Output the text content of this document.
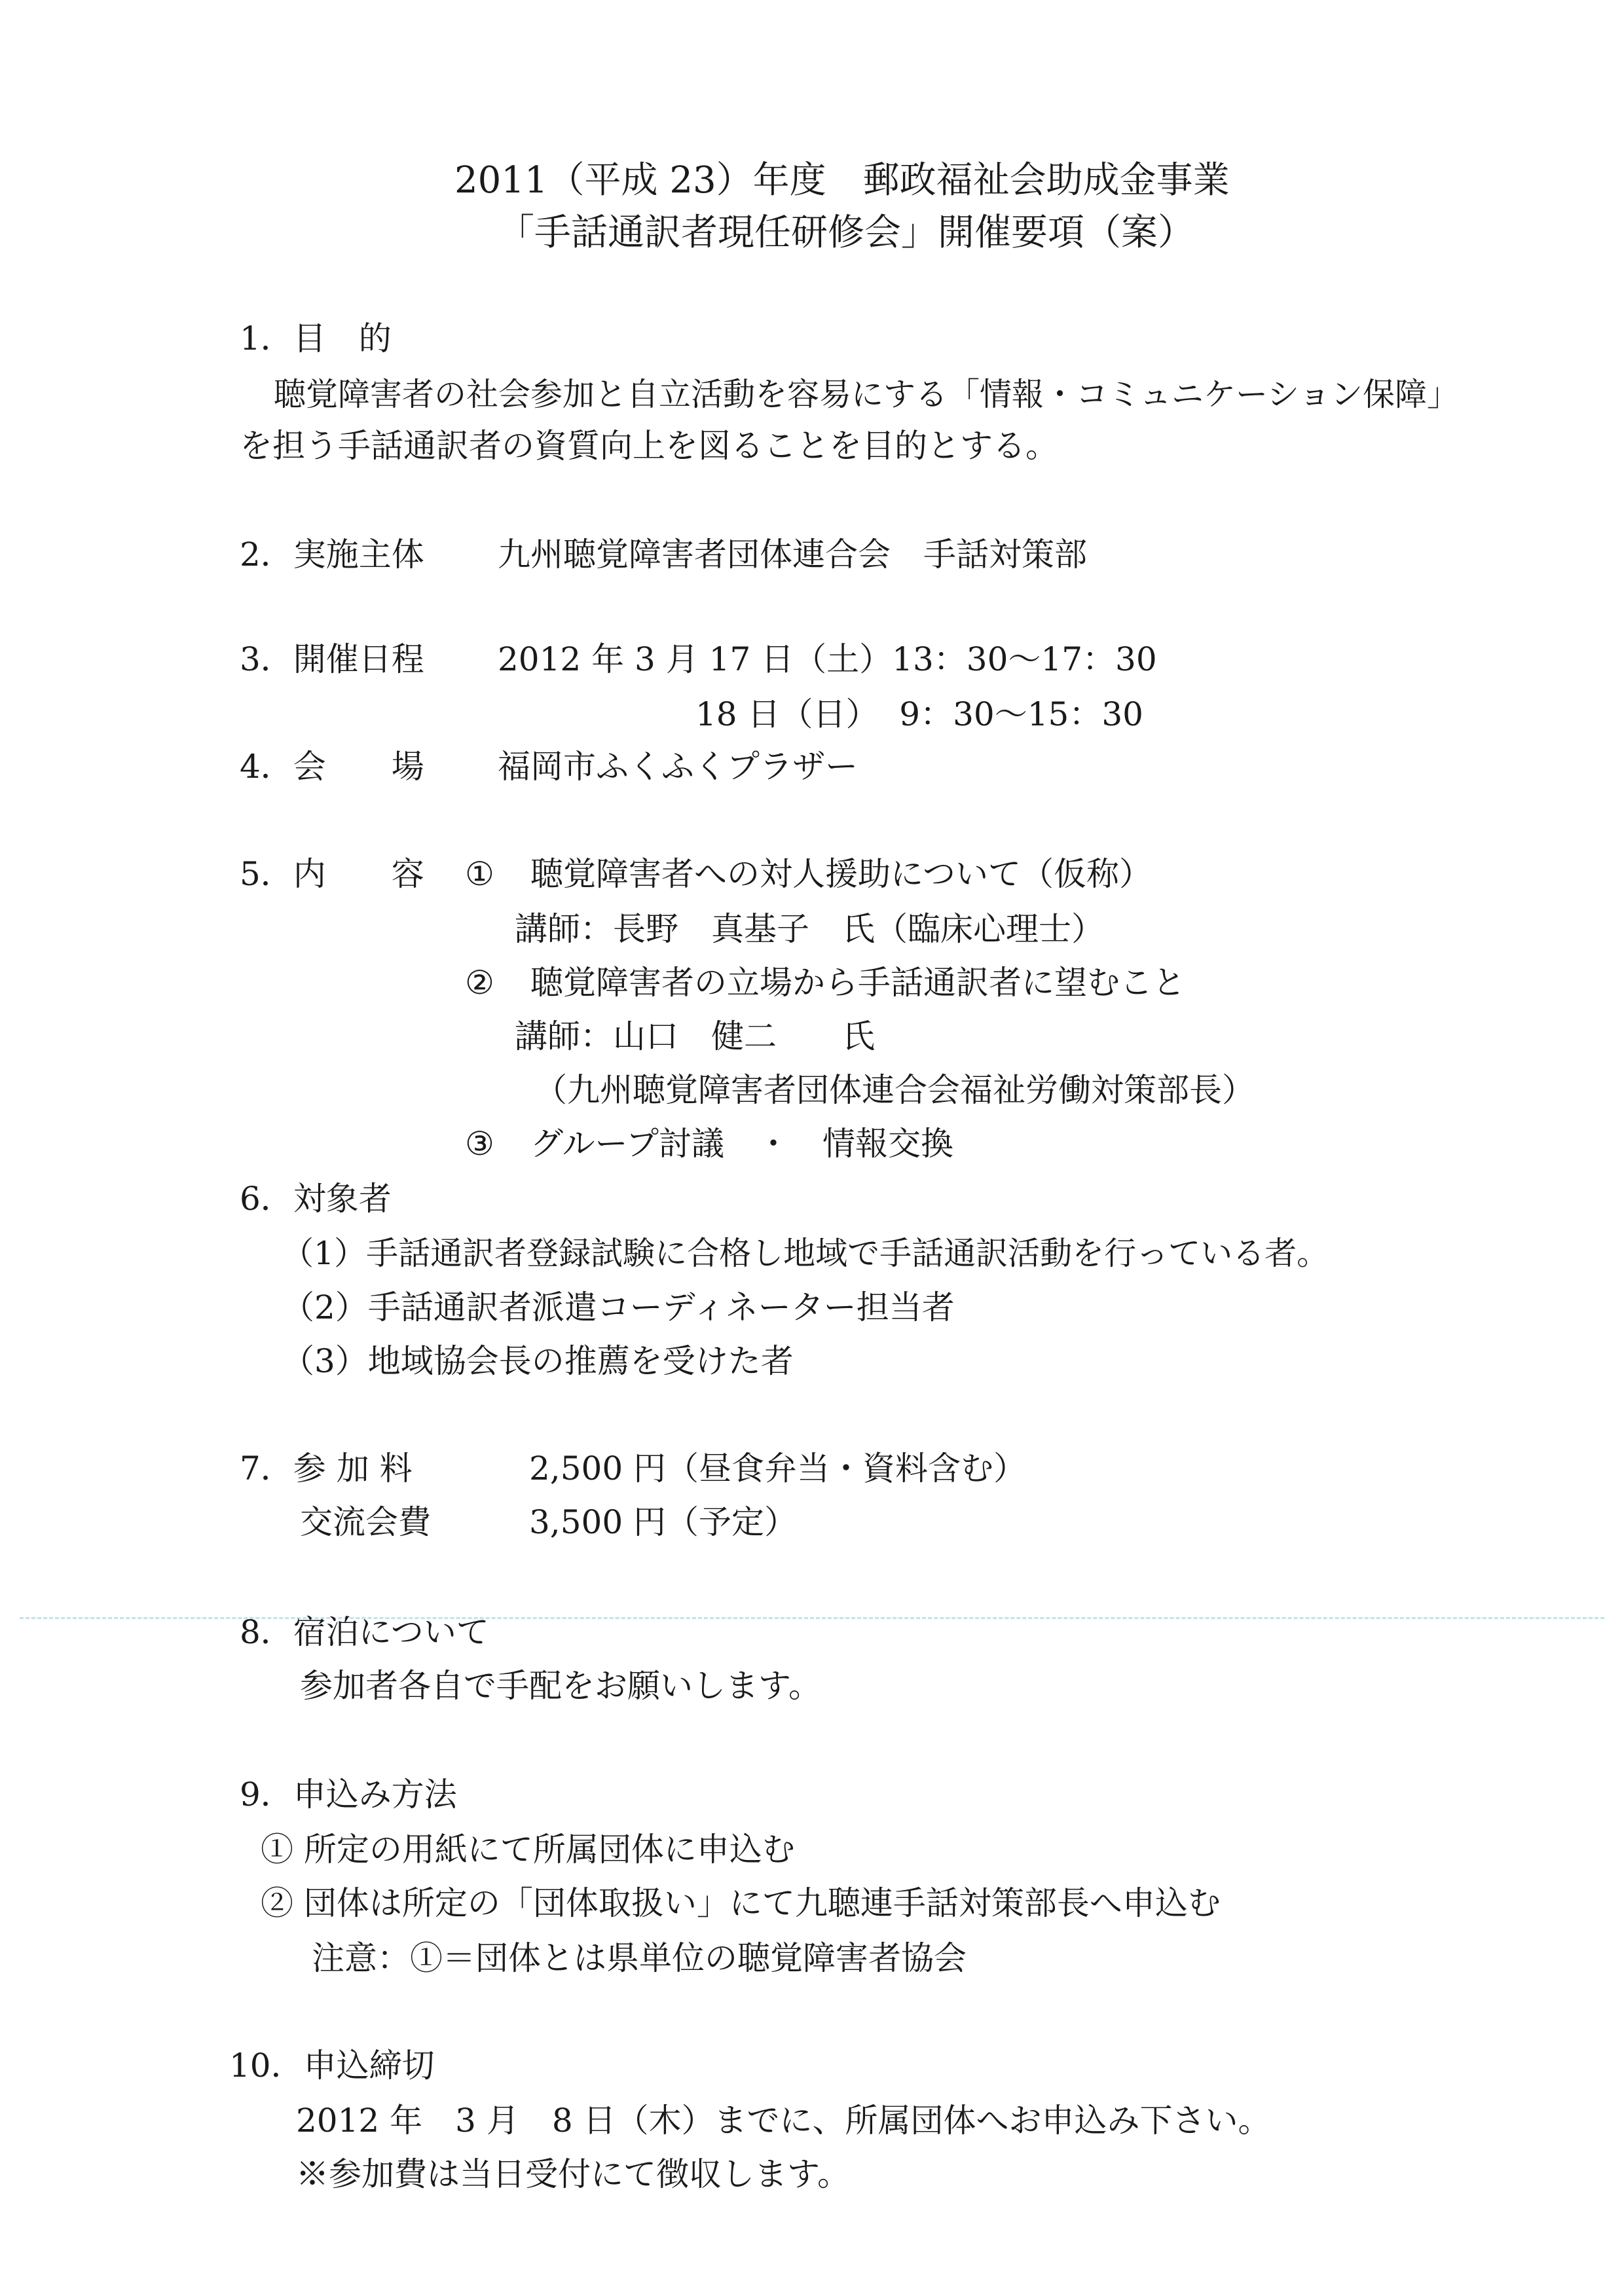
2011（平成 23）年度　郵政福祉会助成金事業
「手話通訳者現任研修会」開催要項（案）
1．目　的
聴覚障害者の社会参加と自立活動を容易にする「情報・コミュニケーション保障」
を担う手話通訳者の資質向上を図ることを目的とする。
2．実施主体 九州聴覚障害者団体連合会　手話対策部
3．開催日程 2012 年 3 月 17 日（土）13：30〜17：30
18 日（日）  9：30〜15：30
4．会　　場 福岡市ふくふくプラザー
5．内　　容 ① 聴覚障害者への対人援助について（仮称）
講師：長野　真基子　氏（臨床心理士）
② 聴覚障害者の立場から手話通訳者に望むこと
講師：山口　健二　　氏
（九州聴覚障害者団体連合会福祉労働対策部長）
③ グループ討議　・　情報交換
6．対象者
（1）手話通訳者登録試験に合格し地域で手話通訳活動を行っている者。
（2）手話通訳者派遣コーディネーター担当者
（3）地域協会長の推薦を受けた者
7．参 加 料	2,500 円（昼食弁当・資料含む）
交流会費	3,500 円（予定）
8．宿泊について
参加者各自で手配をお願いします。
9．申込み方法
① 所定の用紙にて所属団体に申込む
② 団体は所定の「団体取扱い」にて九聴連手話対策部長へ申込む
注意：①＝団体とは県単位の聴覚障害者協会
10．申込締切
2012 年　3 月　8 日（木）までに、所属団体へお申込み下さい。
※参加費は当日受付にて徴収します。
